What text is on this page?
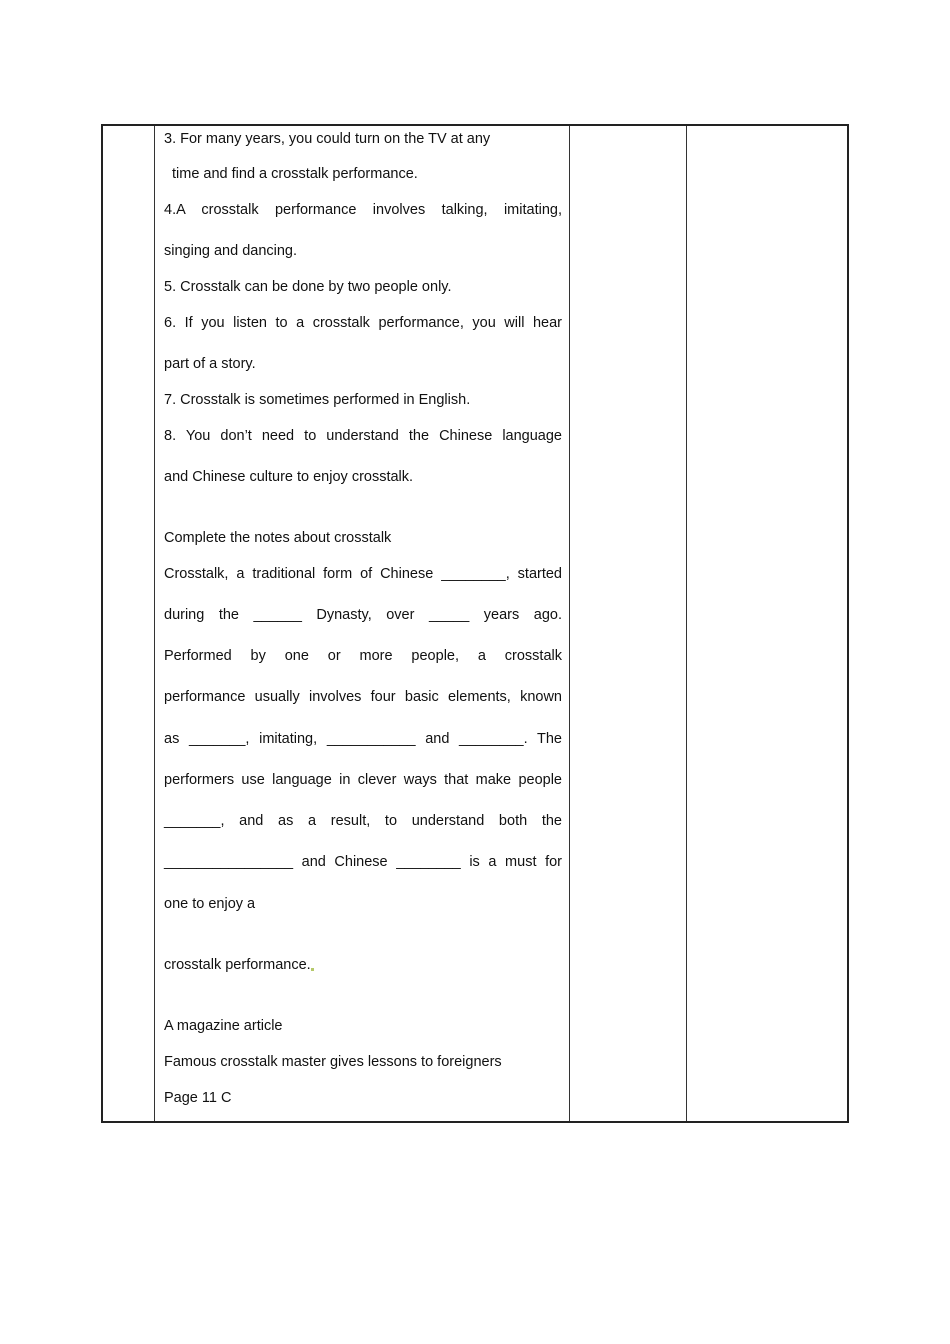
3. For many years, you could turn on the TV at any
time and find a crosstalk performance.
4.A crosstalk performance involves talking, imitating,
singing and dancing.
5. Crosstalk can be done by two people only.
6. If you listen to a crosstalk performance, you will hear
part of a story.
7. Crosstalk is sometimes performed in English.
8. You don’t need to understand the Chinese language
and Chinese culture to enjoy crosstalk.
Complete the notes about crosstalk
Crosstalk, a traditional form of Chinese ________, started
during the ______ Dynasty, over _____ years ago.
Performed by one or more people, a crosstalk
performance usually involves four basic elements, known
as _______, imitating, ___________ and ________. The
performers use language in clever ways that make people
_______, and as a result, to understand both the
________________ and Chinese ________ is a must for
one to enjoy a
crosstalk performance.
A magazine article
Famous crosstalk master gives lessons to foreigners
Page 11 C
